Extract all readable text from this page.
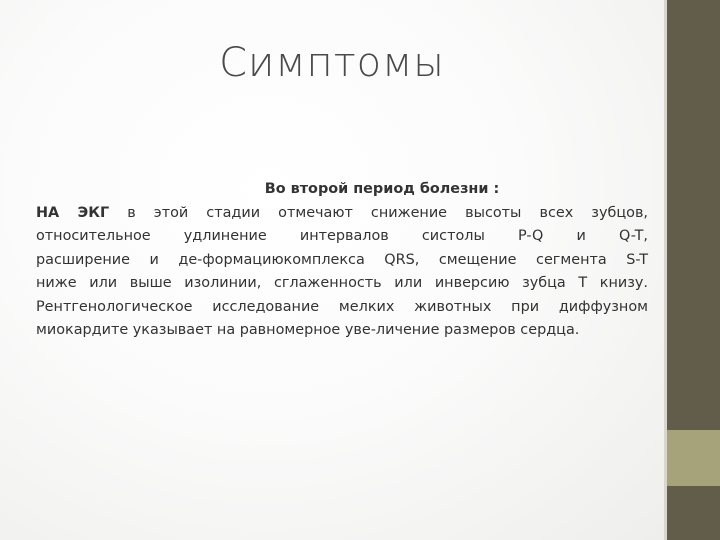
Симптомы
Во второй период болезни :
НА ЭКГ в этой стадии отмечают снижение высоты всех зубцов,
относительное удлинение интервалов систолы P-Q и Q-T,
расширение и де-формациюкомплекса QRS, смещение сегмента S-T
ниже или выше изолинии, сглаженность или инверсию зубца Т книзу.
Рентгенологическое исследование мелких животных при диффузном
миокардите указывает на равномерное уве-личение размеров сердца.
